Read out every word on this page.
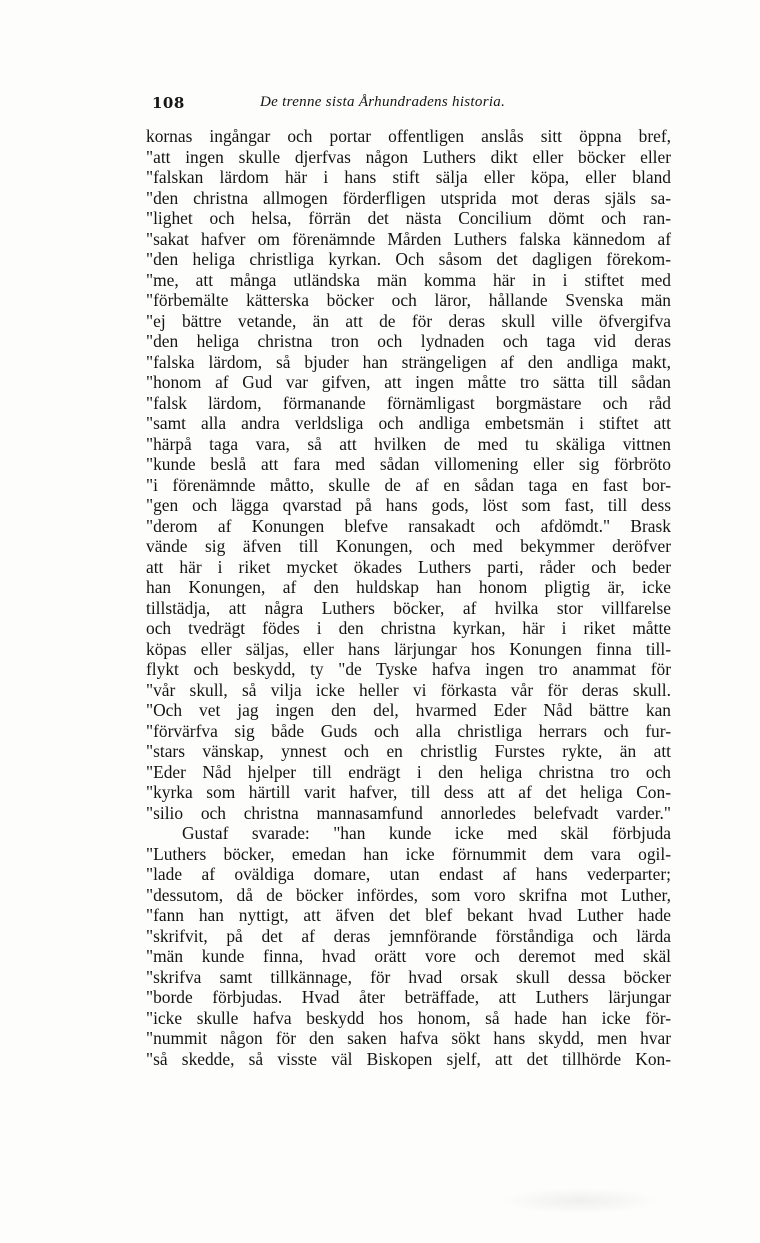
108	De trenne sista Århundradens historia.
kornas ingångar och portar offentligen anslås sitt öppna bref,
"att ingen skulle djerfvas någon Luthers dikt eller böcker eller
"falskan lärdom här i hans stift sälja eller köpa, eller bland
"den christna allmogen förderfligen utsprida mot deras själs sa-
"lighet och helsa, förrän det nästa Concilium dömt och ran-
"sakat hafver om förenämnde Mården Luthers falska kännedom af
"den heliga christliga kyrkan. Och såsom det dagligen förekom-
"me, att många utländska män komma här in i stiftet med
"förbemälte kätterska böcker och läror, hållande Svenska män
"ej bättre vetande, än att de för deras skull ville öfvergifva
"den heliga christna tron och lydnaden och taga vid deras
"falska lärdom, så bjuder han strängeligen af den andliga makt,
"honom af Gud var gifven, att ingen måtte tro sätta till sådan
"falsk lärdom, förmanande förnämligast borgmästare och råd
"samt alla andra verldsliga och andliga embetsmän i stiftet att
"härpå taga vara, så att hvilken de med tu skäliga vittnen
"kunde beslå att fara med sådan villomening eller sig förbröto
"i förenämnde måtto, skulle de af en sådan taga en fast bor-
"gen och lägga qvarstad på hans gods, löst som fast, till dess
"derom af Konungen blefve ransakadt och afdömdt." Brask
vände sig äfven till Konungen, och med bekymmer deröfver
att här i riket mycket ökades Luthers parti, råder och beder
han Konungen, af den huldskap han honom pligtig är, icke
tillstädja, att några Luthers böcker, af hvilka stor villfarelse
och tvedrägt födes i den christna kyrkan, här i riket måtte
köpas eller säljas, eller hans lärjungar hos Konungen finna till-
flykt och beskydd, ty "de Tyske hafva ingen tro anammat för
"vår skull, så vilja icke heller vi förkasta vår för deras skull.
"Och vet jag ingen den del, hvarmed Eder Nåd bättre kan
"förvärfva sig både Guds och alla christliga herrars och fur-
"stars vänskap, ynnest och en christlig Furstes rykte, än att
"Eder Nåd hjelper till endrägt i den heliga christna tro och
"kyrka som härtill varit hafver, till dess att af det heliga Con-
"silio och christna mannasamfund annorledes belefvadt varder."
Gustaf svarade: "han kunde icke med skäl förbjuda
"Luthers böcker, emedan han icke förnummit dem vara ogil-
"lade af oväldiga domare, utan endast af hans vederparter;
"dessutom, då de böcker infördes, som voro skrifna mot Luther,
"fann han nyttigt, att äfven det blef bekant hvad Luther hade
"skrifvit, på det af deras jemnförande förståndiga och lärda
"män kunde finna, hvad orätt vore och deremot med skäl
"skrifva samt tillkännage, för hvad orsak skull dessa böcker
"borde förbjudas. Hvad åter beträffade, att Luthers lärjungar
"icke skulle hafva beskydd hos honom, så hade han icke för-
"nummit någon för den saken hafva sökt hans skydd, men hvar
"så skedde, så visste väl Biskopen sjelf, att det tillhörde Kon-
